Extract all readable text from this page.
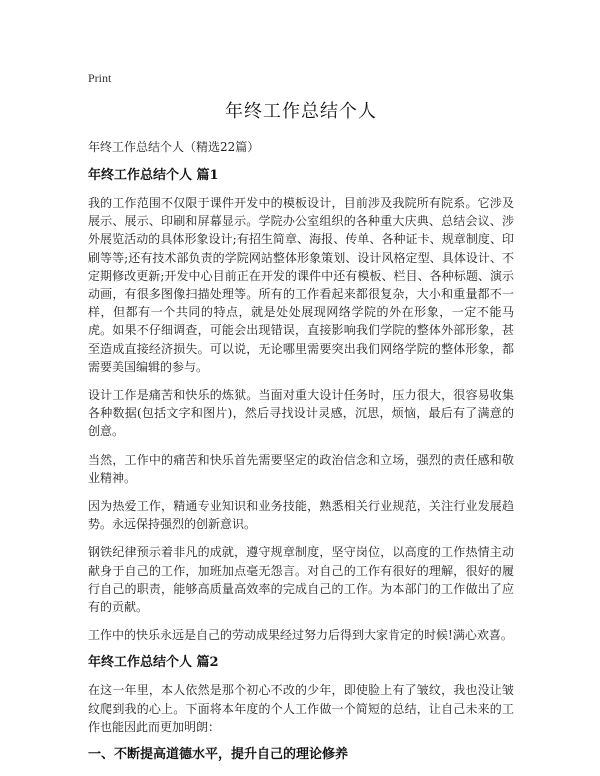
Print
年终工作总结个人

年终工作总结个人（精选22篇）

年终工作总结个人 篇1

我的工作范围不仅限于课件开发中的模板设计，目前涉及我院所有院系。它涉及展示、展示、印刷和屏幕显示。学院办公室组织的各种重大庆典、总结会议、涉外展览活动的具体形象设计;有招生简章、海报、传单、各种证卡、规章制度、印刷等等;还有技术部负责的学院网站整体形象策划、设计风格定型、具体设计、不定期修改更新;开发中心目前正在开发的课件中还有模板、栏目、各种标题、演示动画，有很多图像扫描处理等。所有的工作看起来都很复杂，大小和重量都不一样，但都有一个共同的特点，就是处处展现网络学院的外在形象，一定不能马虎。如果不仔细调查，可能会出现错误，直接影响我们学院的整体外部形象，甚至造成直接经济损失。可以说，无论哪里需要突出我们网络学院的整体形象，都需要美国编辑的参与。

设计工作是痛苦和快乐的炼狱。当面对重大设计任务时，压力很大，很容易收集各种数据(包括文字和图片)，然后寻找设计灵感，沉思，烦恼，最后有了满意的创意。

当然，工作中的痛苦和快乐首先需要坚定的政治信念和立场，强烈的责任感和敬业精神。

因为热爱工作，精通专业知识和业务技能，熟悉相关行业规范，关注行业发展趋势。永远保持强烈的创新意识。

钢铁纪律预示着非凡的成就，遵守规章制度，坚守岗位，以高度的工作热情主动献身于自己的工作，加班加点毫无怨言。对自己的工作有很好的理解，很好的履行自己的职责，能够高质量高效率的完成自己的工作。为本部门的工作做出了应有的贡献。

工作中的快乐永远是自己的劳动成果经过努力后得到大家肯定的时候!满心欢喜。

年终工作总结个人 篇2

在这一年里，本人依然是那个初心不改的少年，即使脸上有了皱纹，我也没让皱纹爬到我的心上。下面将本年度的个人工作做一个简短的总结，让自己未来的工作也能因此而更加明朗：

一、不断提高道德水平，提升自己的理论修养
